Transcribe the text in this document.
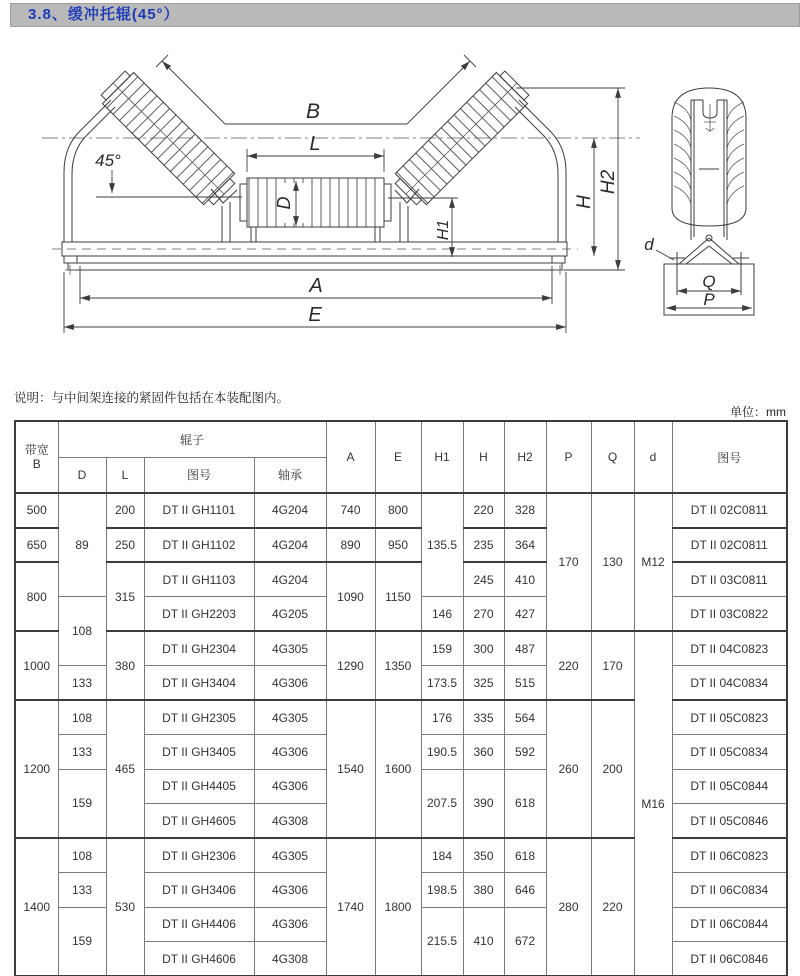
3.8、缓冲托辊(45°）
D
B
L
45°
H1
H
H2
A
E
d
Q
P
说明：与中间架连接的紧固件包括在本装配图内。
单位：mm
带宽
B	辊子				A	E	H1	H	H2	P	Q	d	图号
	D	L	图号	轴承									
500	89	200	DT II GH1101	4G204	740	800	135.5	220	328	170	130	M12	DT II 02C0811
650		250	DT II GH1102	4G204	890	950		235	364				DT II 02C0811
800		315	DT II GH1103	4G204	1090	1150		245	410				DT II 03C0811
	108		DT II GH2203	4G205			146	270	427				DT II 03C0822
1000		380	DT II GH2304	4G305	1290	1350	159	300	487	220	170	M16	DT II 04C0823
	133		DT II GH3404	4G306			173.5	325	515				DT II 04C0834
1200	108	465	DT II GH2305	4G305	1540	1600	176	335	564	260	200		DT II 05C0823
	133		DT II GH3405	4G306			190.5	360	592				DT II 05C0834
	159		DT II GH4405	4G306			207.5	390	618				DT II 05C0844
			DT II GH4605	4G308									DT II 05C0846
1400	108	530	DT II GH2306	4G305	1740	1800	184	350	618	280	220		DT II 06C0823
	133		DT II GH3406	4G306			198.5	380	646				DT II 06C0834
	159		DT II GH4406	4G306			215.5	410	672				DT II 06C0844
			DT II GH4606	4G308									DT II 06C0846
